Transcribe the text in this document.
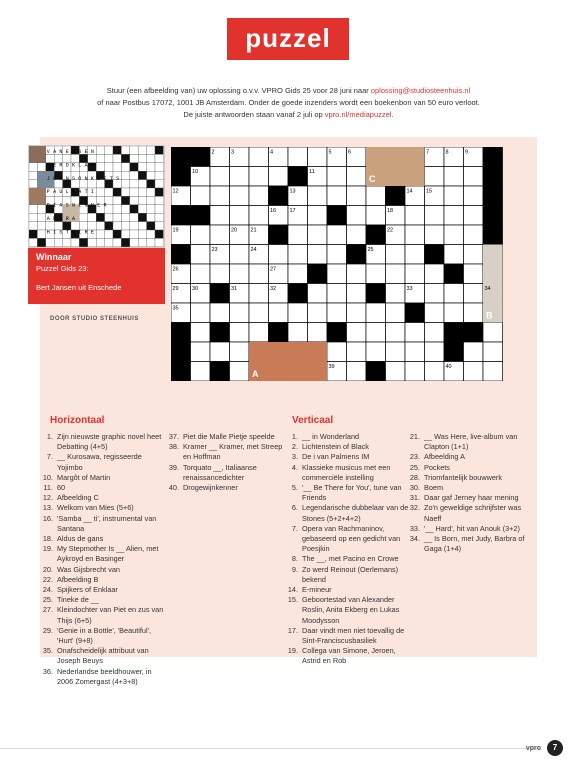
puzzel
Stuur (een afbeelding van) uw oplossing o.v.v. VPRO Gids 25 voor 28 juni naar oplossing@studiosteenhuis.nl
of naar Postbus 17072, 1001 JB Amsterdam. Onder de goede inzenders wordt een boekenbon van 50 euro verloot.
De juiste antwoorden staan vanaf 2 juli op vpro.nl/mediapuzzel.
VANESSEN
NERDKLAN
JOHNSONKOETS
PAULKATI
DIASWINNER
AMORA
HISTOIRE
Winnaar
Puzzel Gids 23:
Bert Jansen uit Enschede
DOOR STUDIO STEENHUIS
C
B
A
1	2	3	4	5	6	7	8	9
10	11
12	13	14 15
16 17	18
19	20 21	22
23	24	25
26	27	28
29 30	31	32	33	34
35
36
37
38	39	40
Horizontaal
1. Zijn nieuwste graphic novel heet Debatting (4+5)
7. __ Kurosawa, regisseerde Yojimbo
10. Margôt of Martin
11. 60
12. Afbeelding C
13. Welkom van Mies (5+6)
16. 'Samba __ ti', instrumental van Santana
18. Aldus de gans
19. My Stepmother Is __ Alien, met Aykroyd en Basinger
20. Was Gijsbrecht van
22. Afbeelding B
24. Spijkers of Enklaar
25. Tineke de __
27. Kleindochter van Piet en zus van Thijs (6+5)
29. 'Genie in a Bottle', 'Beautiful', 'Hurt' (9+8)
35. Onafscheidelijk attribuut van Joseph Beuys
36. Nederlandse beeldhouwer, in 2006 Zomergast (4+3+8)
37. Piet die Malle Pietje speelde
38. Kramer __ Kramer, met Streep en Hoffman
39. Torquato __, Italiaanse renaissancedichter
40. Drogewijnkenner
Verticaal
1. __ in Wonderland
2. Lichtenstein of Black
3. De i van Palmens IM
4. Klassieke musicus met een commerciële instelling
5. '__ Be There for You', tune van Friends
6. Legendarische dubbelaar van de Stones (5+2+4+2)
7. Opera van Rachmaninov, gebaseerd op een gedicht van Poesjkin
8. The __, met Pacino en Crowe
9. Zo werd Reinout (Oerlemans) bekend
14. E-mineur
15. Geboortestad van Alexander Roslin, Anita Ekberg en Lukas Moodysson
17. Daar vindt men niet toevallig de Sint-Franciscusbasiliek
19. Collega van Simone, Jeroen, Astrid en Rob
21. __ Was Here, live-album van Clapton (1+1)
23. Afbeelding A
25. Pockets
28. Triomfantelijk bouwwerk
30. Boem
31. Daar gaf Jerney haar mening
32. Zo'n geweldige schrijfster was Naeff
33. '__ Hard', hit van Anouk (3+2)
34. __ Is Born, met Judy, Barbra of Gaga (1+4)
vpro	7
